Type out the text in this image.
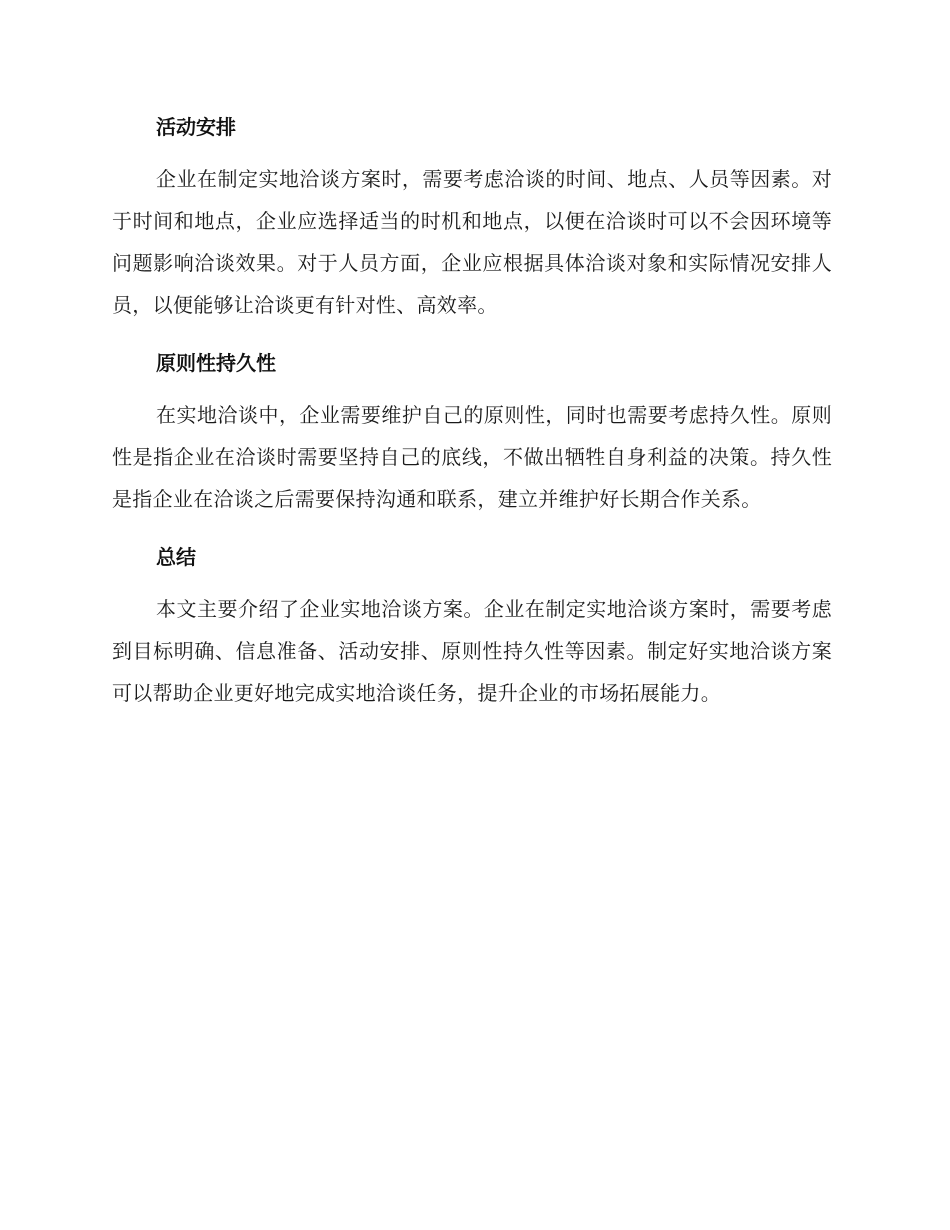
活动安排

企业在制定实地洽谈方案时，需要考虑洽谈的时间、地点、人员等因素。对于时间和地点，企业应选择适当的时机和地点，以便在洽谈时可以不会因环境等问题影响洽谈效果。对于人员方面，企业应根据具体洽谈对象和实际情况安排人员，以便能够让洽谈更有针对性、高效率。

原则性持久性

在实地洽谈中，企业需要维护自己的原则性，同时也需要考虑持久性。原则性是指企业在洽谈时需要坚持自己的底线，不做出牺牲自身利益的决策。持久性是指企业在洽谈之后需要保持沟通和联系，建立并维护好长期合作关系。

总结

本文主要介绍了企业实地洽谈方案。企业在制定实地洽谈方案时，需要考虑到目标明确、信息准备、活动安排、原则性持久性等因素。制定好实地洽谈方案可以帮助企业更好地完成实地洽谈任务，提升企业的市场拓展能力。
